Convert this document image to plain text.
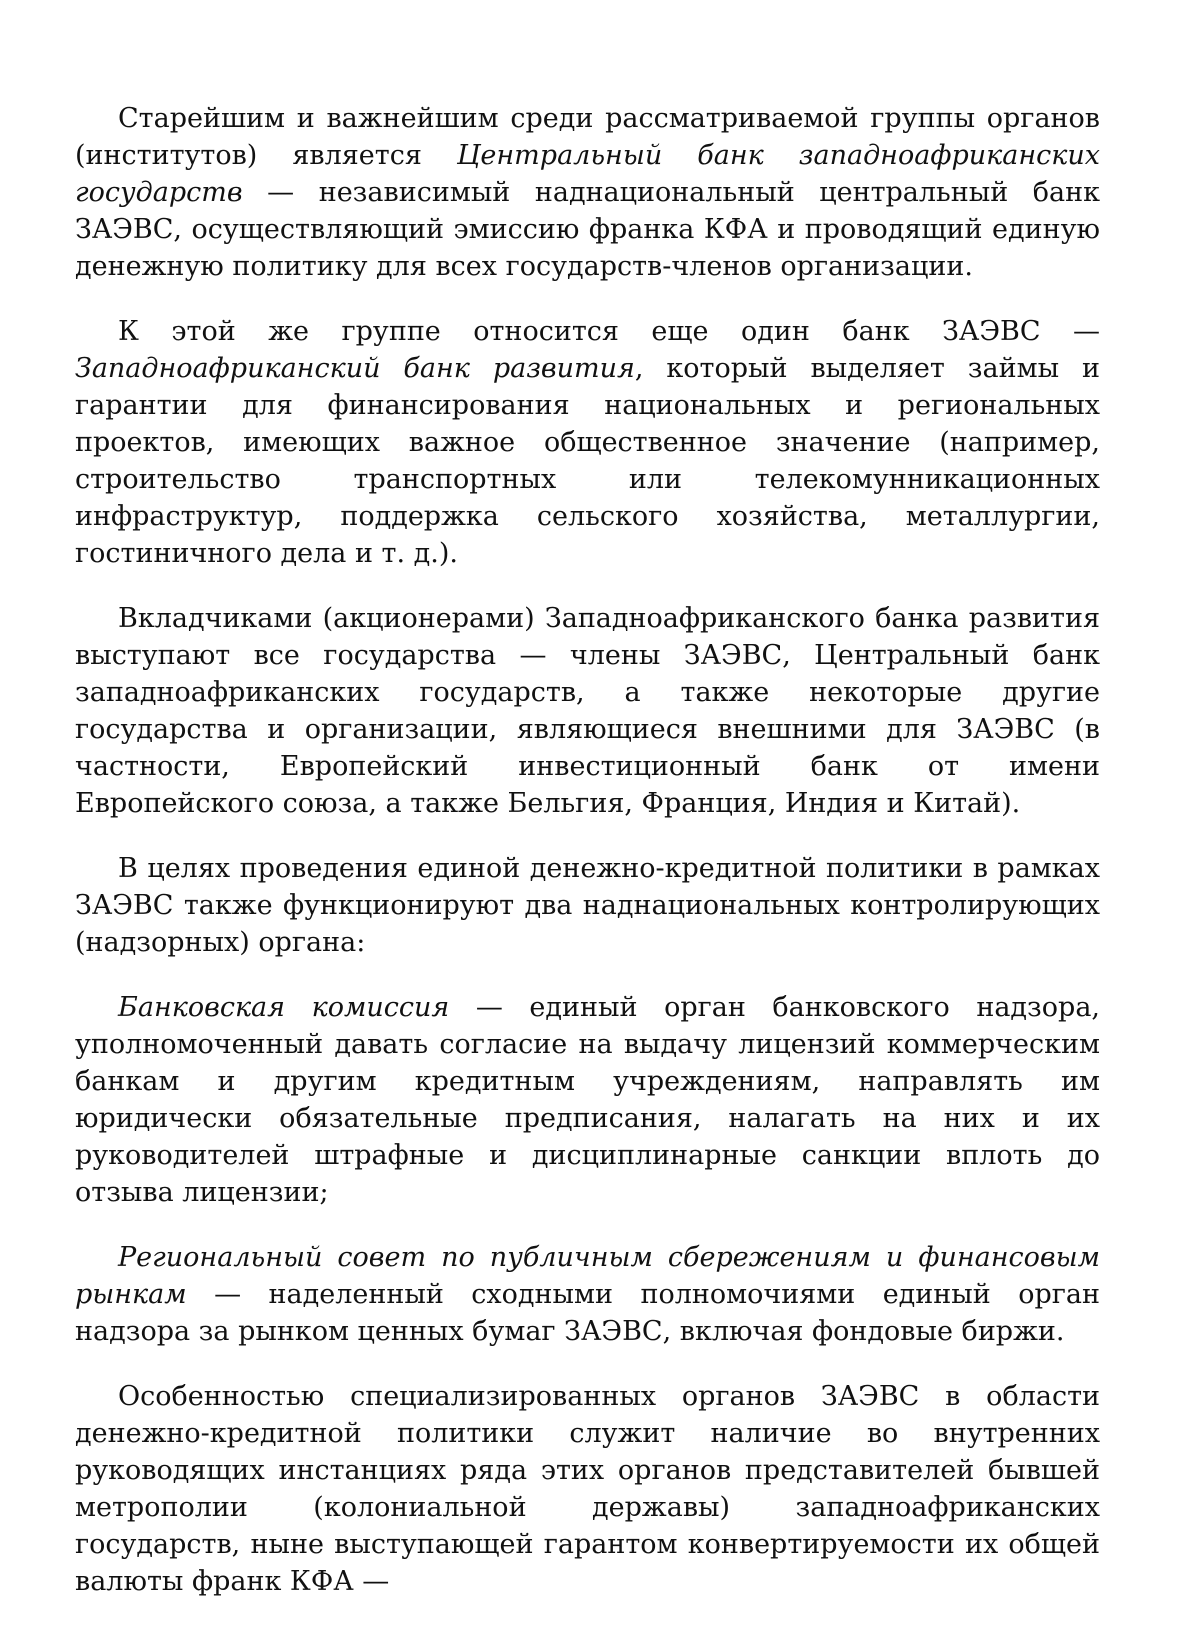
Старейшим и важнейшим среди рассматриваемой группы органов (институтов) является Центральный банк западноафриканских государств — независимый наднациональный центральный банк ЗАЭВС, осуществляющий эмиссию франка КФА и проводящий единую денежную политику для всех государств-членов организации.

К этой же группе относится еще один банк ЗАЭВС — Западноафриканский банк развития, который выделяет займы и гарантии для финансирования национальных и региональных проектов, имеющих важное общественное значение (например, строительство транспортных или телекомунникационных инфраструктур, поддержка сельского хозяйства, металлургии, гостиничного дела и т. д.).

Вкладчиками (акционерами) Западноафриканского банка развития выступают все государства — члены ЗАЭВС, Центральный банк западноафриканских государств, а также некоторые другие государства и организации, являющиеся внешними для ЗАЭВС (в частности, Европейский инвестиционный банк от имени Европейского союза, а также Бельгия, Франция, Индия и Китай).

В целях проведения единой денежно-кредитной политики в рамках ЗАЭВС также функционируют два наднациональных контролирующих (надзорных) органа:

Банковская комиссия — единый орган банковского надзора, уполномоченный давать согласие на выдачу лицензий коммерческим банкам и другим кредитным учреждениям, направлять им юридически обязательные предписания, налагать на них и их руководителей штрафные и дисциплинарные санкции вплоть до отзыва лицензии;

Региональный совет по публичным сбережениям и финансовым рынкам — наделенный сходными полномочиями единый орган надзора за рынком ценных бумаг ЗАЭВС, включая фондовые биржи.

Особенностью специализированных органов ЗАЭВС в области денежно-кредитной политики служит наличие во внутренних руководящих инстанциях ряда этих органов представителей бывшей метрополии (колониальной державы) западноафриканских государств, ныне выступающей гарантом конвертируемости их общей валюты франк КФА —
